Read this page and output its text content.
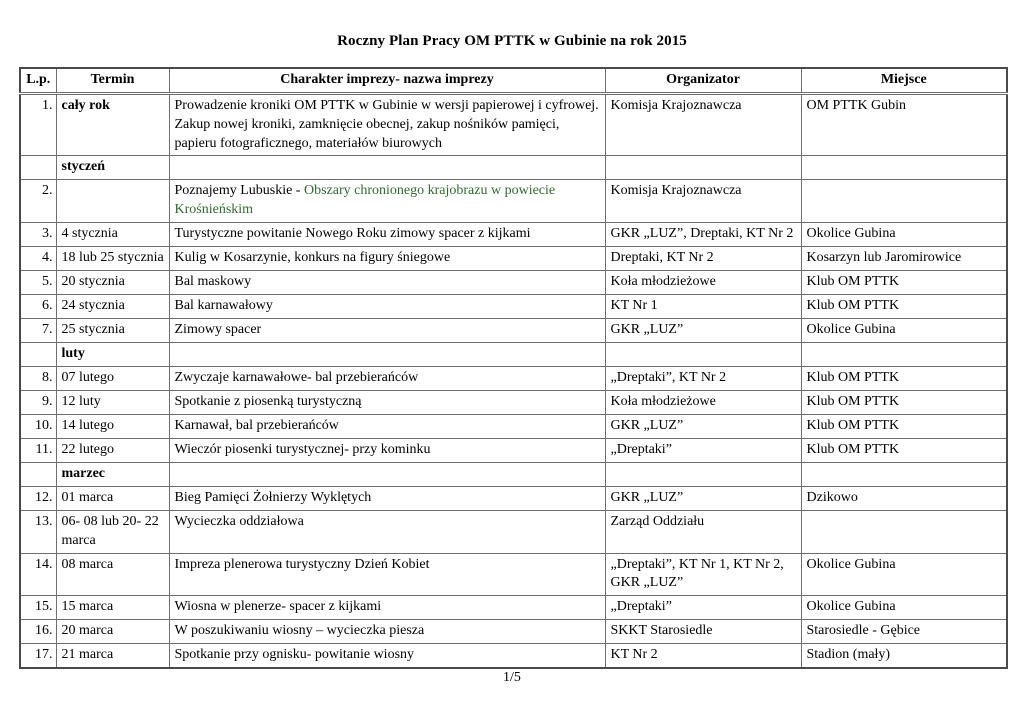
Roczny Plan Pracy OM PTTK w Gubinie na rok 2015
L.p.	Termin	Charakter imprezy- nazwa imprezy	Organizator	Miejsce
1.	cały rok	Prowadzenie kroniki OM PTTK w Gubinie w wersji papierowej i cyfrowej. Zakup nowej kroniki, zamknięcie obecnej, zakup nośników pamięci, papieru fotograficznego, materiałów biurowych	Komisja Krajoznawcza	OM PTTK Gubin
	styczeń			
2.		Poznajemy Lubuskie - Obszary chronionego krajobrazu w powiecie Krośnieńskim	Komisja Krajoznawcza	
3.	4 stycznia	Turystyczne powitanie Nowego Roku zimowy spacer z kijkami	GKR „LUZ”, Dreptaki, KT Nr 2	Okolice Gubina
4.	18 lub 25 stycznia	Kulig w Kosarzynie, konkurs na figury śniegowe	Dreptaki, KT Nr 2	Kosarzyn lub Jaromirowice
5.	20 stycznia	Bal maskowy	Koła młodzieżowe	Klub OM PTTK
6.	24 stycznia	Bal karnawałowy	KT Nr 1	Klub OM PTTK
7.	25 stycznia	Zimowy spacer	GKR „LUZ”	Okolice Gubina
	luty			
8.	07 lutego	Zwyczaje karnawałowe- bal przebierańców	„Dreptaki”, KT Nr 2	Klub OM PTTK
9.	12 luty	Spotkanie z piosenką turystyczną	Koła młodzieżowe	Klub OM PTTK
10.	14 lutego	Karnawał, bal przebierańców	GKR „LUZ”	Klub OM PTTK
11.	22 lutego	Wieczór piosenki turystycznej- przy kominku	„Dreptaki”	Klub OM PTTK
	marzec			
12.	01 marca	Bieg Pamięci Żołnierzy Wyklętych	GKR „LUZ”	Dzikowo
13.	06- 08 lub 20- 22 marca	Wycieczka oddziałowa	Zarząd Oddziału	
14.	08 marca	Impreza plenerowa turystyczny Dzień Kobiet	„Dreptaki”, KT Nr 1, KT Nr 2, GKR „LUZ”	Okolice Gubina
15.	15 marca	Wiosna w plenerze- spacer z kijkami	„Dreptaki”	Okolice Gubina
16.	20 marca	W poszukiwaniu wiosny – wycieczka piesza	SKKT Starosiedle	Starosiedle - Gębice
17.	21 marca	Spotkanie przy ognisku- powitanie wiosny	KT Nr 2	Stadion (mały)
1/5
